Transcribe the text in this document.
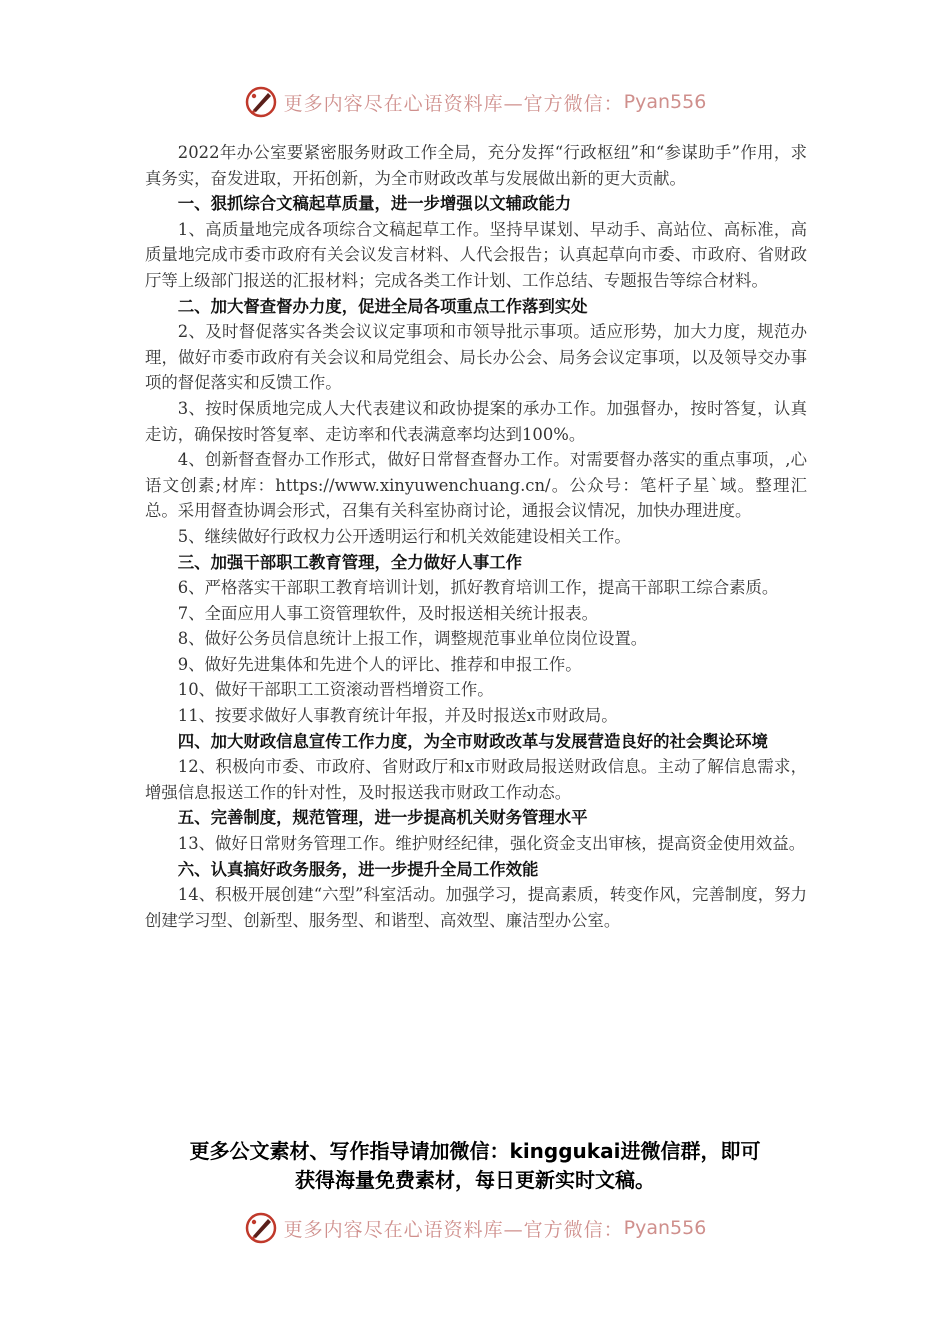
更多内容尽在心语资料库—官方微信： Pyan556

2022年办公室要紧密服务财政工作全局，充分发挥“行政枢纽”和“参谋助手”作用，求真务实，奋发进取，开拓创新，为全市财政改革与发展做出新的更大贡献。

一、狠抓综合文稿起草质量，进一步增强以文辅政能力

1、高质量地完成各项综合文稿起草工作。坚持早谋划、早动手、高站位、高标准，高质量地完成市委市政府有关会议发言材料、人代会报告；认真起草向市委、市政府、省财政厅等上级部门报送的汇报材料；完成各类工作计划、工作总结、专题报告等综合材料。

二、加大督查督办力度，促进全局各项重点工作落到实处

2、及时督促落实各类会议议定事项和市领导批示事项。适应形势，加大力度，规范办理，做好市委市政府有关会议和局党组会、局长办公会、局务会议定事项，以及领导交办事项的督促落实和反馈工作。

3、按时保质地完成人大代表建议和政协提案的承办工作。加强督办，按时答复，认真走访，确保按时答复率、走访率和代表满意率均达到100%。

4、创新督查督办工作形式，做好日常督查督办工作。对需要督办落实的重点事项，,心语文创素;材库：https://www.xinyuwenchuang.cn/。公众号：笔杆子星`域。整理汇总。采用督查协调会形式，召集有关科室协商讨论，通报会议情况，加快办理进度。

5、继续做好行政权力公开透明运行和机关效能建设相关工作。

三、加强干部职工教育管理，全力做好人事工作

6、严格落实干部职工教育培训计划，抓好教育培训工作，提高干部职工综合素质。

7、全面应用人事工资管理软件，及时报送相关统计报表。

8、做好公务员信息统计上报工作，调整规范事业单位岗位设置。

9、做好先进集体和先进个人的评比、推荐和申报工作。

10、做好干部职工工资滚动晋档增资工作。

11、按要求做好人事教育统计年报，并及时报送x市财政局。

四、加大财政信息宣传工作力度，为全市财政改革与发展营造良好的社会舆论环境

12、积极向市委、市政府、省财政厅和x市财政局报送财政信息。主动了解信息需求，增强信息报送工作的针对性，及时报送我市财政工作动态。

五、完善制度，规范管理，进一步提高机关财务管理水平

13、做好日常财务管理工作。维护财经纪律，强化资金支出审核，提高资金使用效益。

六、认真搞好政务服务，进一步提升全局工作效能

14、积极开展创建“六型”科室活动。加强学习，提高素质，转变作风，完善制度，努力创建学习型、创新型、服务型、和谐型、高效型、廉洁型办公室。

更多公文素材、写作指导请加微信：kinggukai进微信群，即可
获得海量免费素材，每日更新实时文稿。
更多内容尽在心语资料库—官方微信： Pyan556
